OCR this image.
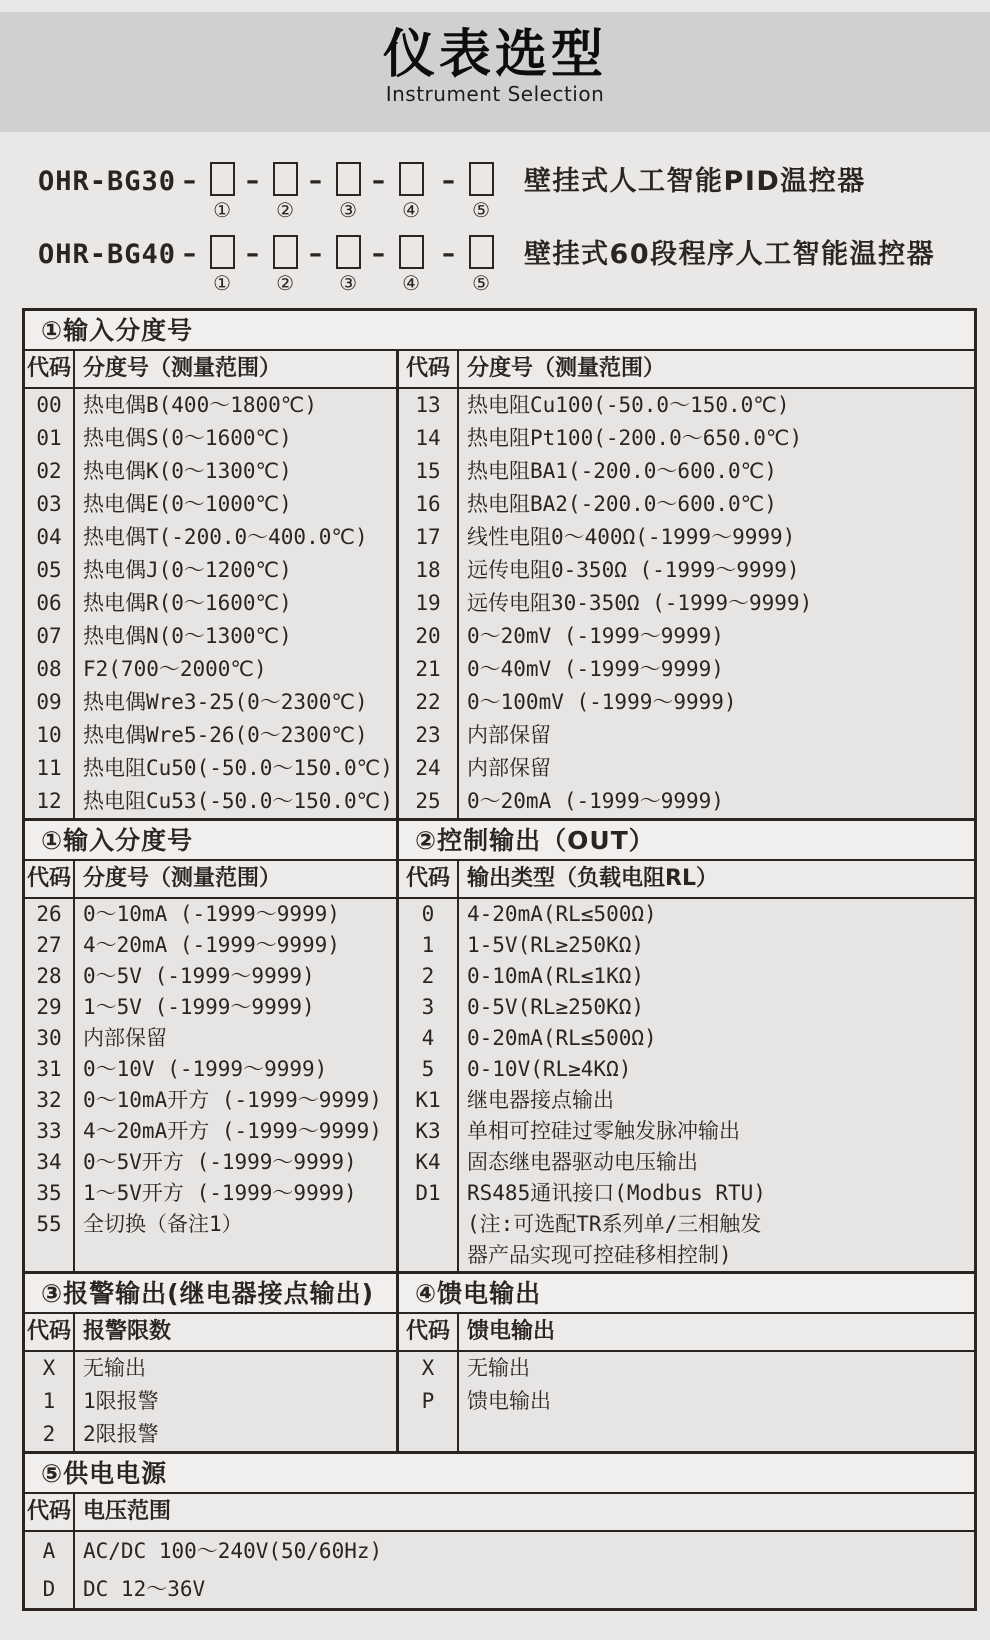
仪表选型
Instrument Selection
OHR-BG30 –
①
–
②
–
③
–
④
–
⑤
壁挂式人工智能PID温控器
OHR-BG40 –
①
–
②
–
③
–
④
–
⑤
壁挂式60段程序人工智能温控器
①输入分度号
代码 分度号（测量范围）
00	热电偶B(400～1800℃)
01	热电偶S(0～1600℃)
02	热电偶K(0～1300℃)
03	热电偶E(0～1000℃)
04	热电偶T(-200.0～400.0℃)
05	热电偶J(0～1200℃)
06	热电偶R(0～1600℃)
07	热电偶N(0～1300℃)
08	F2(700～2000℃)
09	热电偶Wre3-25(0～2300℃)
10	热电偶Wre5-26(0～2300℃)
11	热电阻Cu50(-50.0～150.0℃)
12	热电阻Cu53(-50.0～150.0℃)
代码 分度号（测量范围）
13	热电阻Cu100(-50.0～150.0℃)
14	热电阻Pt100(-200.0～650.0℃)
15	热电阻BA1(-200.0～600.0℃)
16	热电阻BA2(-200.0～600.0℃)
17	线性电阻0～400Ω(-1999～9999)
18	远传电阻0-350Ω (-1999～9999)
19	远传电阻30-350Ω (-1999～9999)
20	0～20mV (-1999～9999)
21	0～40mV (-1999～9999)
22	0～100mV (-1999～9999)
23	内部保留
24	内部保留
25	0～20mA (-1999～9999)
①输入分度号	②控制输出（OUT）
代码 分度号（测量范围）
26	0～10mA (-1999～9999)
27	4～20mA (-1999～9999)
28	0～5V (-1999～9999)
29	1～5V (-1999～9999)
30	内部保留
31	0～10V (-1999～9999)
32	0～10mA开方 (-1999～9999)
33	4～20mA开方 (-1999～9999)
34	0～5V开方 (-1999～9999)
35	1～5V开方 (-1999～9999)
55	全切换（备注1）
代码 输出类型（负载电阻RL）
0	4-20mA(RL≤500Ω)
1	1-5V(RL≥250KΩ)
2	0-10mA(RL≤1KΩ)
3	0-5V(RL≥250KΩ)
4	0-20mA(RL≤500Ω)
5	0-10V(RL≥4KΩ)
K1	继电器接点输出
K3	单相可控硅过零触发脉冲输出
K4	固态继电器驱动电压输出
D1	RS485通讯接口(Modbus RTU)
(注:可选配TR系列单/三相触发
器产品实现可控硅移相控制)
③报警输出(继电器接点输出)	④馈电输出
代码 报警限数
X	无输出
1	1限报警
2	2限报警
代码 馈电输出
X	无输出
P	馈电输出
⑤供电电源
代码 电压范围
A	AC/DC 100～240V(50/60Hz)
D	DC 12～36V
